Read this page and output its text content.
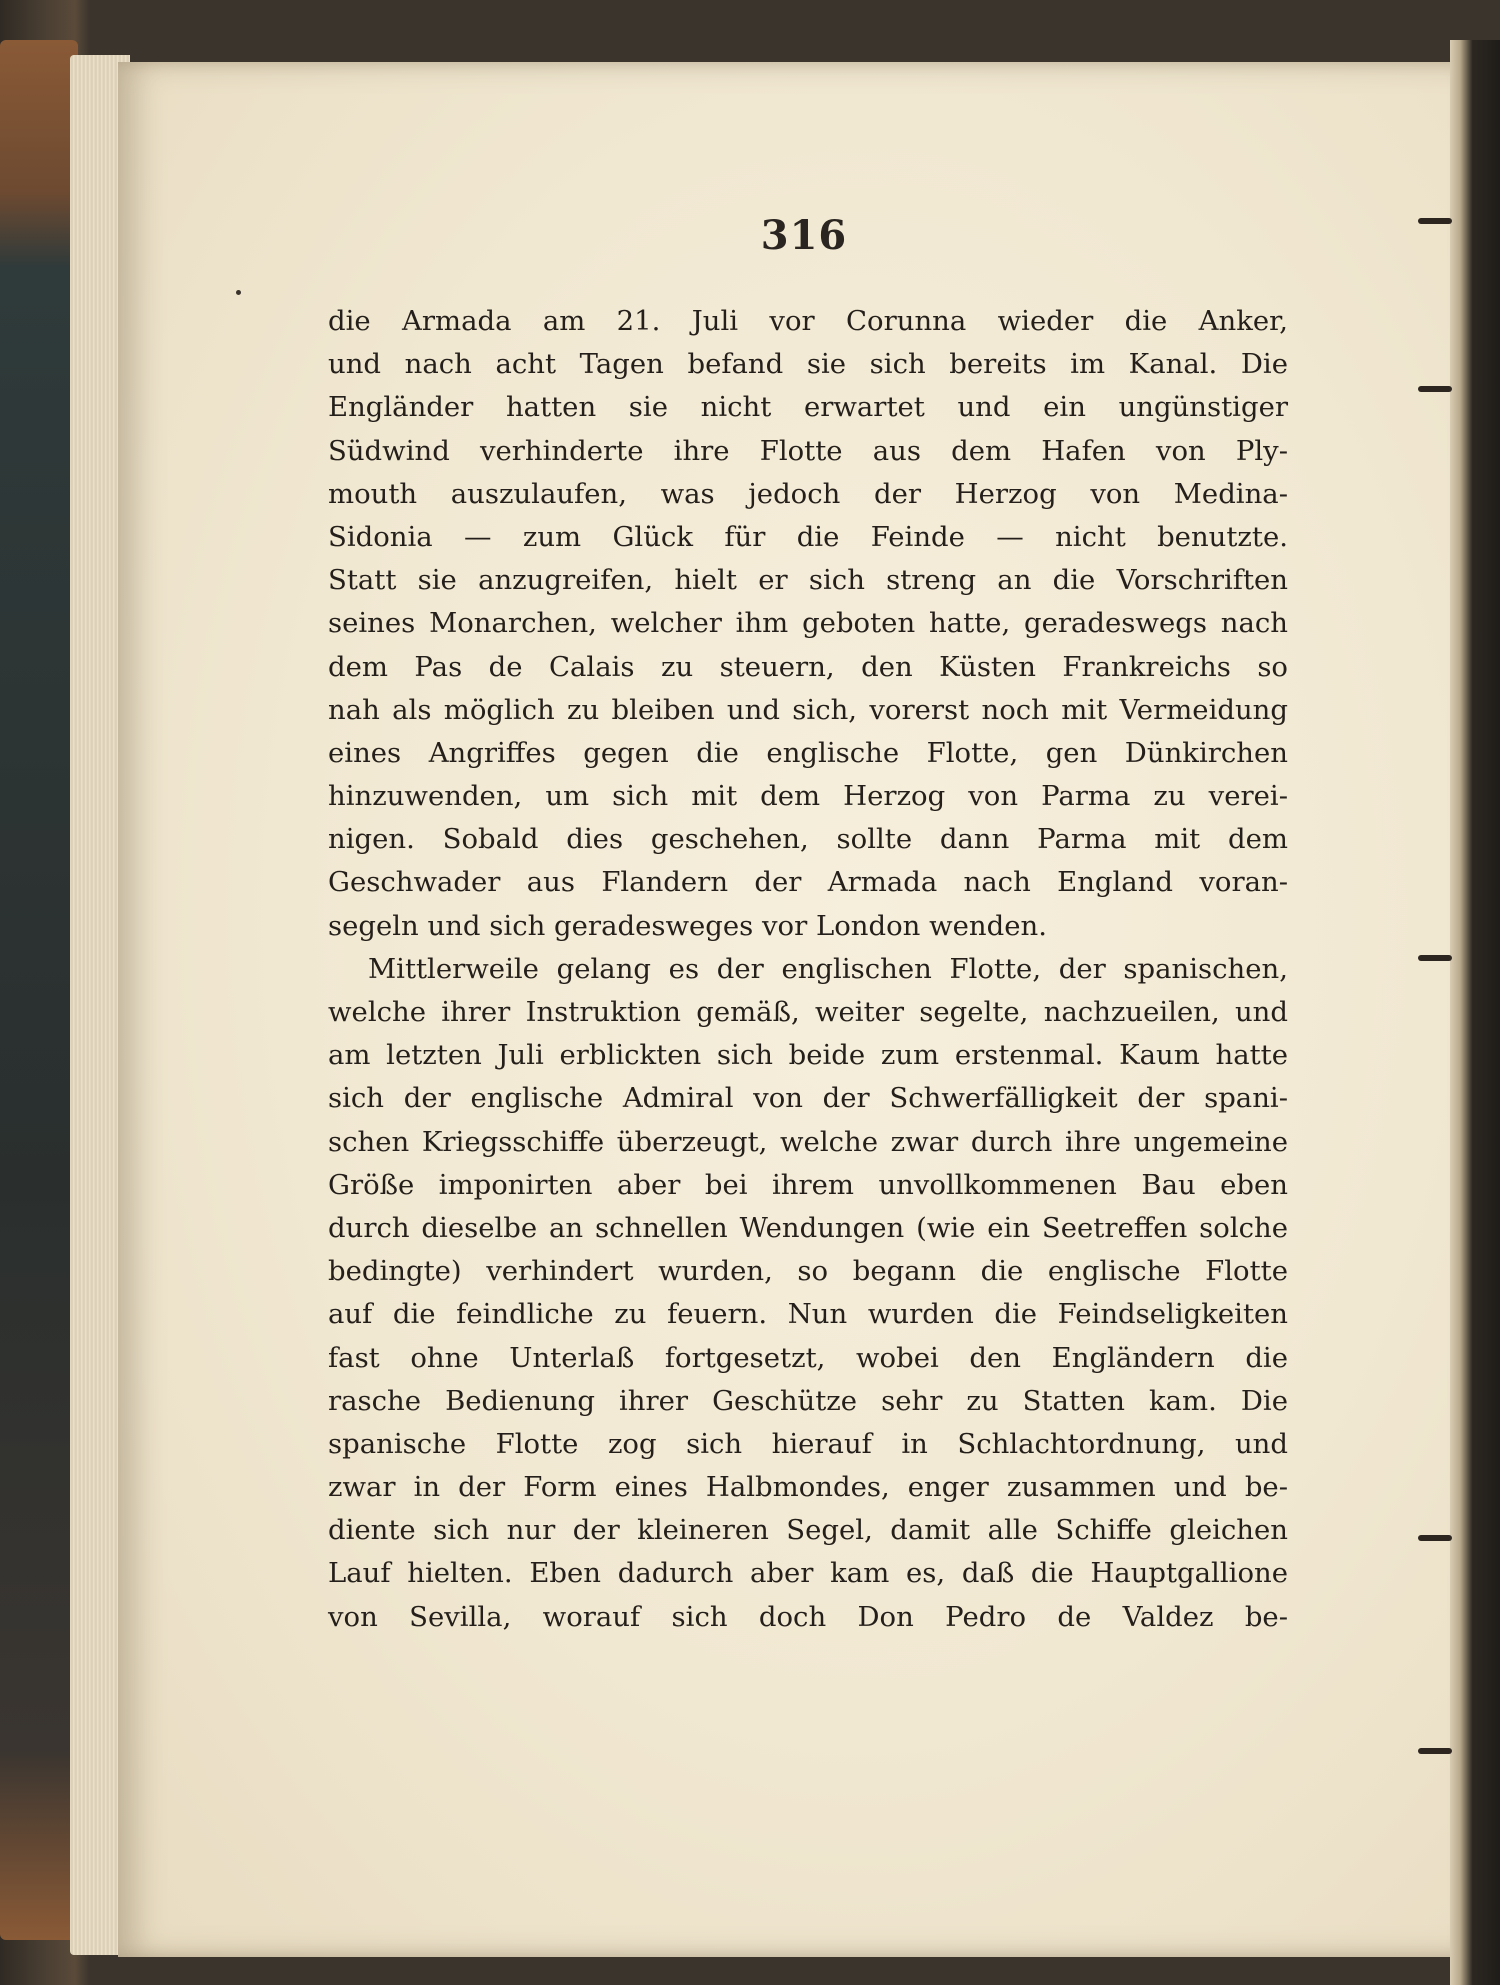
316
die Armada am 21. Juli vor Corunna wieder die Anker,
und nach acht Tagen befand sie sich bereits im Kanal. Die
Engländer hatten sie nicht erwartet und ein ungünstiger
Südwind verhinderte ihre Flotte aus dem Hafen von Ply-
mouth auszulaufen, was jedoch der Herzog von Medina-
Sidonia — zum Glück für die Feinde — nicht benutzte.
Statt sie anzugreifen, hielt er sich streng an die Vorschriften
seines Monarchen, welcher ihm geboten hatte, geradeswegs nach
dem Pas de Calais zu steuern, den Küsten Frankreichs so
nah als möglich zu bleiben und sich, vorerst noch mit Vermeidung
eines Angriffes gegen die englische Flotte, gen Dünkirchen
hinzuwenden, um sich mit dem Herzog von Parma zu verei-
nigen. Sobald dies geschehen, sollte dann Parma mit dem
Geschwader aus Flandern der Armada nach England voran-
segeln und sich geradesweges vor London wenden.
Mittlerweile gelang es der englischen Flotte, der spanischen,
welche ihrer Instruktion gemäß, weiter segelte, nachzueilen, und
am letzten Juli erblickten sich beide zum erstenmal. Kaum hatte
sich der englische Admiral von der Schwerfälligkeit der spani-
schen Kriegsschiffe überzeugt, welche zwar durch ihre ungemeine
Größe imponirten aber bei ihrem unvollkommenen Bau eben
durch dieselbe an schnellen Wendungen (wie ein Seetreffen solche
bedingte) verhindert wurden, so begann die englische Flotte
auf die feindliche zu feuern. Nun wurden die Feindseligkeiten
fast ohne Unterlaß fortgesetzt, wobei den Engländern die
rasche Bedienung ihrer Geschütze sehr zu Statten kam. Die
spanische Flotte zog sich hierauf in Schlachtordnung, und
zwar in der Form eines Halbmondes, enger zusammen und be-
diente sich nur der kleineren Segel, damit alle Schiffe gleichen
Lauf hielten. Eben dadurch aber kam es, daß die Hauptgallione
von Sevilla, worauf sich doch Don Pedro de Valdez be-
